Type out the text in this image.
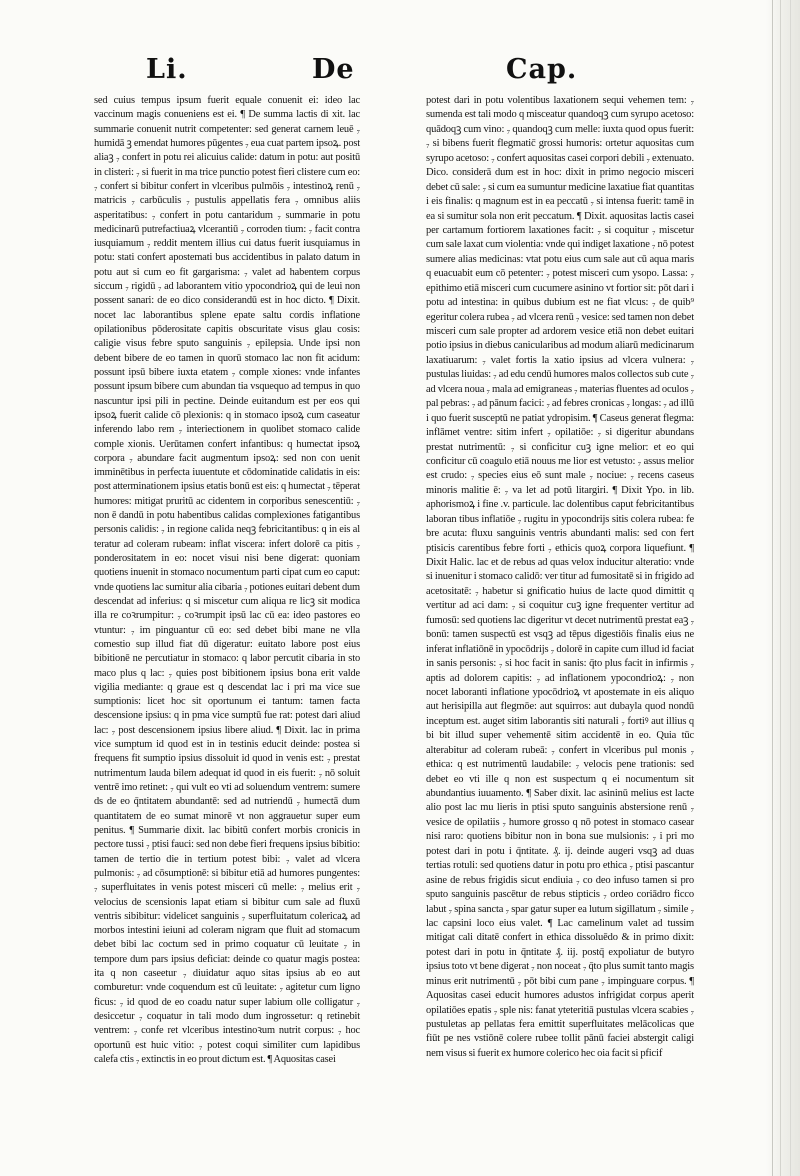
Li.	De	Cap.

sed cuius tempus ipsum fuerit equale conuenit ei: ideo lac vaccinum magis conueniens est ei. ¶ De summa lactis di xit. lac summarie conuenit nutrit competenter: sed generat carnem leuē ₇ humidā ꝫ emendat humores pūgentes ₇ eua cuat partem ipsoꝝ. post aliaꝫ ₇ confert in potu rei alicuius calide: datum in potu: aut positū in clisteri: ₇ si fuerit in ma trice punctio potest fieri clistere cum eo: ₇ confert si bibitur confert in vlceribus pulmōis ₇ intestinoꝝ renū ₇ matricis ₇ carbūculis ₇ pustulis appellatis fera ₇ omnibus aliis asperitatibus: ₇ confert in potu cantaridum ₇ summarie in potu medicinarū putrefactiuaꝝ vlcerantiū ₇ corroden tium: ₇ facit contra iusquiamum ₇ reddit mentem illius cui datus fuerit iusquiamus in potu: stati confert apostemati bus accidentibus in palato datum in potu aut si cum eo fit gargarisma: ₇ valet ad habentem corpus siccum ₇ rigidū ₇ ad laborantem vitio ypocondrioꝝ qui de leui non possent sanari: de eo dico considerandū est in hoc dicto. ¶ Dixit. nocet lac laborantibus splene epate saltu cordis inflatione opilationibus pōderositate capitis obscuritate visus glau cosis: caligie visus febre sputo sanguinis ₇ epilepsia. Unde ipsi non debent bibere de eo tamen in quorū stomaco lac non fit acidum: possunt ipsū bibere iuxta etatem ₇ comple xiones: vnde infantes possunt ipsum bibere cum abundan tia vsquequo ad tempus in quo nascuntur ipsi pili in pectine. Deinde euitandum est per eos qui ipsoꝝ fuerit calide cō plexionis: q in stomaco ipsoꝝ cum caseatur inferendo labo rem ₇ interiectionem in quolibet stomaco calide comple xionis. Uerūtamen confert infantibus: q humectat ipsoꝝ corpora ₇ abundare facit augmentum ipsoꝝ: sed non con uenit imminētibus in perfecta iuuentute et cōdominatide calidatis in eis: post atterminationem ipsius etatis bonū est eis: q humectat ₇ tēperat humores: mitigat pruritū ac cidentem in corporibus senescentiū: ₇ non ē dandū in potu habentibus calidas complexiones fatigantibus personis calidis: ₇ in regione calida neqꝫ febricitantibus: q in eis al teratur ad coleram rubeam: inflat viscera: infert dolorē ca pitis ₇ ponderositatem in eo: nocet visui nisi bene digerat: quoniam quotiens inuenit in stomaco nocumentum parti cipat cum eo caput: vnde quotiens lac sumitur alia cibaria ₇ potiones euitari debent dum descendat ad inferius: q si miscetur cum aliqua re licꝫ sit modica illa re coꝛrumpitur: ₇ coꝛrumpit ipsū lac cū ea: ideo pastores eo vtuntur: ₇ im pinguantur cū eo: sed debet bibi mane ne vlla comestio sup illud fiat dū digeratur: euitato labore post eius bibitionē ne percutiatur in stomaco: q labor percutit cibaria in sto maco plus q lac: ₇ quies post bibitionem ipsius bona erit valde vigilia mediante: q graue est q descendat lac i pri ma vice sue sumptionis: licet hoc sit oportunum ei tantum: tamen facta descensione ipsius: q in pma vice sumptū fue rat: potest dari aliud lac: ₇ post descensionem ipsius libere aliud. ¶ Dixit. lac in prima vice sumptum id quod est in in testinis educit deinde: postea si frequens fit sumptio ipsius dissoluit id quod in venis est: ₇ prestat nutrimentum lauda bilem adequat id quod in eis fuerit: ₇ nō soluit ventrē imo retinet: ₇ qui vult eo vti ad soluendum ventrem: sumere ds de eo q̄ntitatem abundantē: sed ad nutriendū ₇ humectā dum quantitatem de eo sumat minorē vt non aggrauetur super eum penitus. ¶ Summarie dixit. lac bibitū confert morbis cronicis in pectore tussi ₇ ptisi fauci: sed non debe fieri frequens ipsius bibitio: tamen de tertio die in tertium potest bibi: ₇ valet ad vlcera pulmonis: ₇ ad cōsumptionē: si bibitur etiā ad humores pungentes: ₇ superfluitates in venis potest misceri cū melle: ₇ melius erit ₇ velocius de scensionis lapat etiam si bibitur cum sale ad fluxū ventris sibibitur: videlicet sanguinis ₇ superfluitatum colericaꝝ ad morbos intestini ieiuni ad coleram nigram que fluit ad stomacum debet bibi lac coctum sed in primo coquatur cū leuitate ₇ in tempore dum pars ipsius deficiat: deinde co quatur magis postea: ita q non caseetur ₇ diuidatur aquo sitas ipsius ab eo aut comburetur: vnde coquendum est cū leuitate: ₇ agitetur cum ligno ficus: ₇ id quod de eo coadu natur super labium olle colligatur ₇ desiccetur ₇ coquatur in tali modo dum ingrossetur: q retinebit ventrem: ₇ confe ret vlceribus intestinoꝛum nutrit corpus: ₇ hoc oportunū est huic vitio: ₇ potest coqui similiter cum lapidibus calefa ctis ₇ extinctis in eo prout dictum est. ¶ Aquositas casei

potest dari in potu volentibus laxationem sequi vehemen tem: ₇ sumenda est tali modo q misceatur quandoqꝫ cum syrupo acetoso: quādoqꝫ cum vino: ₇ quandoqꝫ cum melle: iuxta quod opus fuerit: ₇ si bibens fuerit flegmatic̄ grossi humoris: ortetur aquositas cum syrupo acetoso: ₇ confert aquositas casei corpori debili ₇ extenuato. Dico. considerā dum est in hoc: dixit in primo negocio misceri debet cū sale: ₇ si cum ea sumuntur medicine laxatiue fiat quantitas i eis finalis: q magnum est in ea peccatū ₇ si intensa fuerit: tamē in ea si sumitur sola non erit peccatum. ¶ Dixit. aquositas lactis casei per cartamum fortiorem laxationes facit: ₇ si coquitur ₇ miscetur cum sale laxat cum violentia: vnde qui indiget laxatione ₇ nō potest sumere alias medicinas: vtat potu eius cum sale aut cū aqua maris q euacuabit eum cō petenter: ₇ potest misceri cum ysopo. Lassa: ₇ epithimo etiā misceri cum cucumere asinino vt fortior sit: pōt dari i potu ad intestina: in quibus dubium est ne fiat vlcus: ₇ de quib⁹ egeritur colera rubea ₇ ad vlcera renū ₇ vesice: sed tamen non debet misceri cum sale propter ad ardorem vesice etiā non debet euitari potio ipsius in diebus canicularibus ad modum aliarū medicinarum laxatiuarum: ₇ valet fortis la xatio ipsius ad vlcera vulnera: ₇ pustulas liuidas: ₇ ad edu cendū humores malos collectos sub cute ₇ ad vlcera noua ₇ mala ad emigraneas ₇ materias fluentes ad oculos ₇ pal pebras: ₇ ad pānum facici: ₇ ad febres cronicas ₇ longas: ₇ ad illū i quo fuerit susceptū ne patiat ydropisim. ¶ Caseus generat flegma: inflāmet ventre: sitim infert ₇ opilatiōe: ₇ si digeritur abundans prestat nutrimentū: ₇ si conficitur cuꝫ igne melior: et eo qui conficitur cū coagulo etiā nouus me lior est vetusto: ₇ assus melior est crudo: ₇ species eius eō sunt male ₇ nociue: ₇ recens caseus minoris malitie ē: ₇ va let ad potū litargiri. ¶ Dixit Ypo. in lib. aphorismoꝝ i fine .v. particule. lac dolentibus caput febricitantibus laboran tibus inflatiōe ₇ rugitu in ypocondrijs sitis colera rubea: fe bre acuta: fluxu sanguinis ventris abundanti malis: sed con fert ptisicis carentibus febre forti ₇ ethicis quoꝝ corpora liquefiunt. ¶ Dixit Halic. lac et de rebus ad quas velox inducitur alteratio: vnde si inuenitur i stomaco calidō: ver titur ad fumositatē si in frigido ad acetositatē: ₇ habetur si gnificatio huius de lacte quod dimittit q vertitur ad aci dam: ₇ si coquitur cuꝫ igne frequenter vertitur ad fumosū: sed quotiens lac digeritur vt decet nutrimentū prestat eaꝫ ₇ bonū: tamen suspectū est vsqꝫ ad tēpus digestiōis finalis eius ne inferat inflatiōnē in ypocōdrijs ₇ dolorē in capite cum illud id faciat in sanis personis: ₇ si hoc facit in sanis: q̄to plus facit in infirmis ₇ aptis ad dolorem capitis: ₇ ad inflationem ypocondrioꝝ: ₇ non nocet laboranti inflatione ypocōdrioꝝ vt apostemate in eis aliquo aut herisipilla aut flegmōe: aut squirros: aut dubayla quod nondū inceptum est. auget sitim laborantis siti naturali ₇ fortiꝰ aut illius q bi bit illud super vehementē sitim accidentē in eo. Quia tūc alterabitur ad coleram rubeā: ₇ confert in vlceribus pul monis ₇ ethica: q est nutrimentū laudabile: ₇ velocis pene trationis: sed debet eo vti ille q non est suspectum q ei nocumentum sit abundantius iuuamento. ¶ Saber dixit. lac asininū melius est lacte alio post lac mu lieris in ptisi sputo sanguinis abstersione renū ₇ vesice de opilatiis ₇ humore grosso q nō potest in stomaco casear nisi raro: quotiens bibitur non in bona sue mulsionis: ₇ i pri mo potest dari in potu i q̄ntitate. ₰. ij. deinde augeri vsqꝫ ad duas tertias rotuli: sed quotiens datur in potu pro ethica ₇ ptisi pascantur asine de rebus frigidis sicut endiuia ₇ co deo infuso tamen si pro sputo sanguinis pascētur de rebus stipticis ₇ ordeo coriādro ficco labut ₇ spina sancta ₇ spar gatur super ea lutum sigillatum ₇ simile ₇ lac capsini loco eius valet. ¶ Lac camelinum valet ad tussim mitigat cali ditatē confert in ethica dissoluēdo & in primo dixit: potest dari in potu in q̄ntitate ₰. iij. postq̄ expoliatur de butyro ipsius toto vt bene digerat ₇ non noceat ₇ q̄to plus sumit tanto magis minus erit nutrimentū ₇ pōt bibi cum pane ₇ impinguare corpus. ¶ Aquositas casei educit humores adustos infrigidat corpus aperit opilatiōes epatis ₇ sple nis: fanat yteteritiā pustulas vlcera scabies ₇ pustuletas ap pellatas fera emittit superfluitates melācolicas que fiūt pe nes vstiōnē colere rubee tollit pānū faciei abstergit caligi nem visus si fuerit ex humore colerico hec oia facit si pficif
